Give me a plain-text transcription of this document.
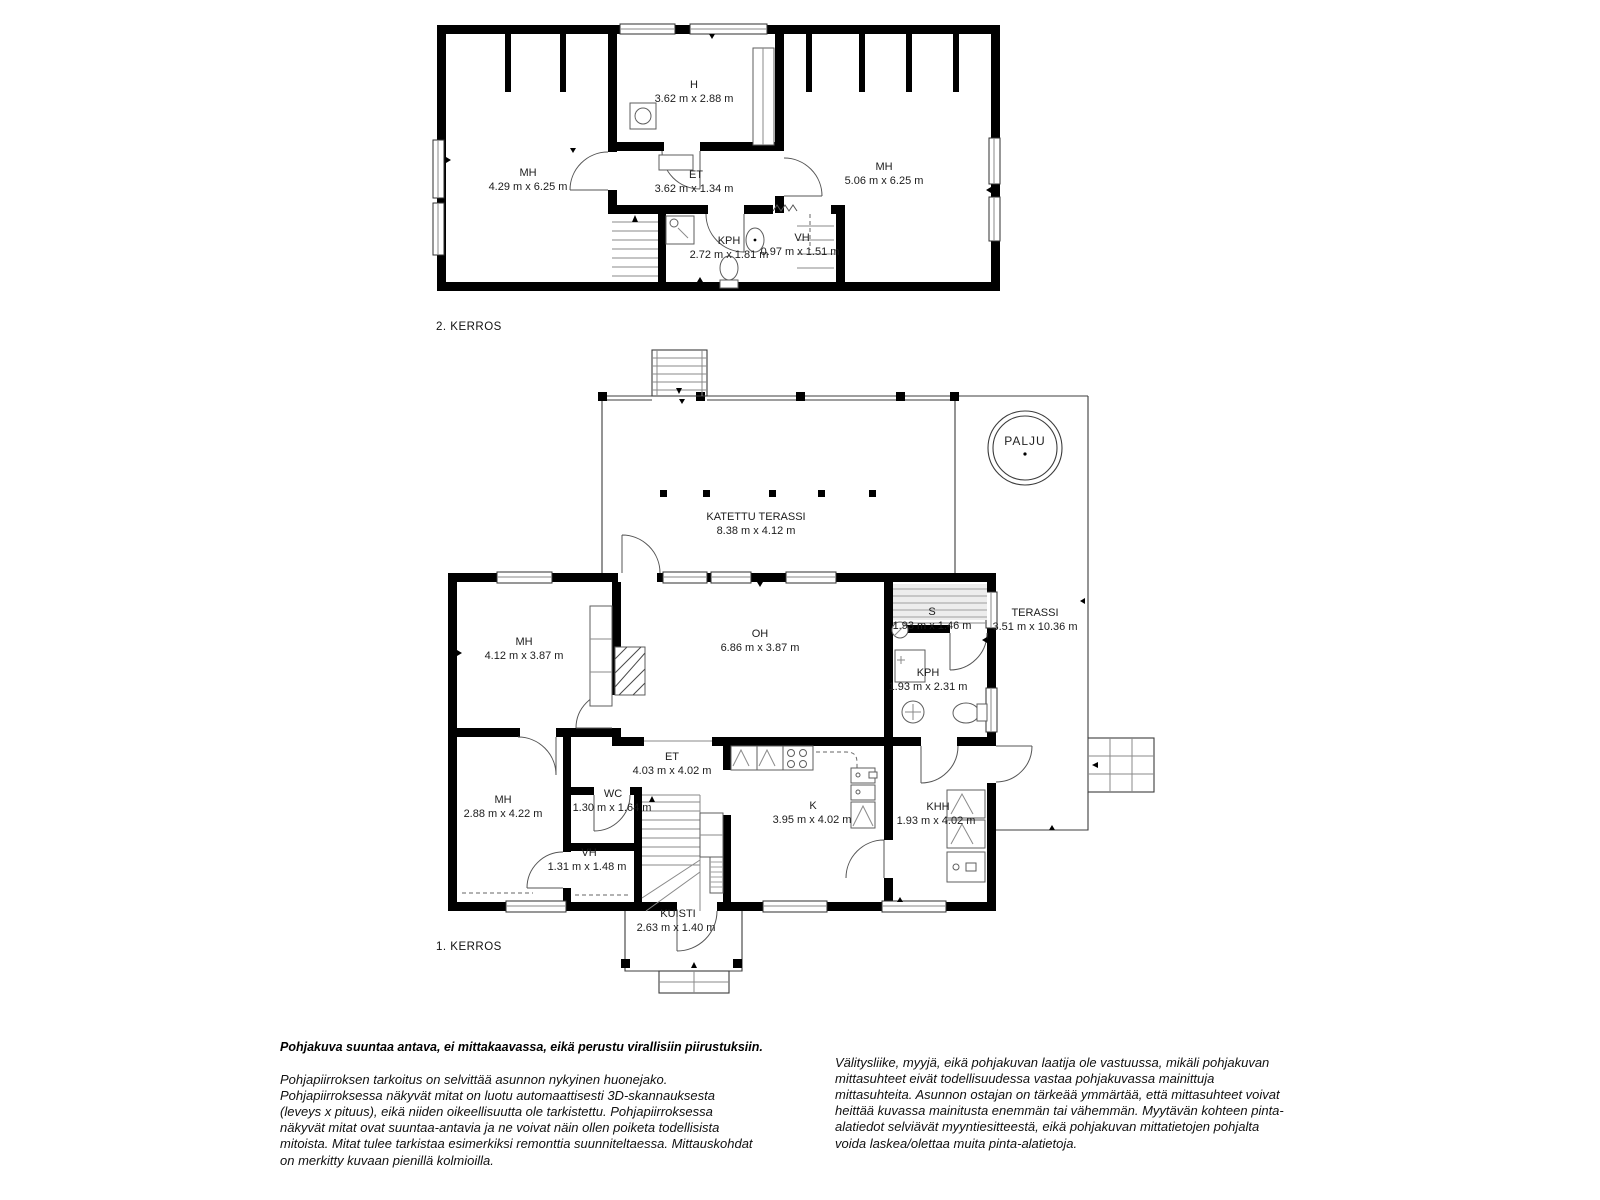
MH
4.29 m x 6.25 m
H
3.62 m x 2.88 m
ET
3.62 m x 1.34 m
MH
5.06 m x 6.25 m
KPH
2.72 m x 1.81 m
VH
0.97 m x 1.51 m
2. KERROS
PALJU
KATETTU TERASSI
8.38 m x 4.12 m
TERASSI
3.51 m x 10.36 m
MH
4.12 m x 3.87 m
OH
6.86 m x 3.87 m
S
1.93 m x 1.46 m
KPH
1.93 m x 2.31 m
ET
4.03 m x 4.02 m
WC
1.30 m x 1.64 m
MH
2.88 m x 4.22 m
K
3.95 m x 4.02 m
KHH
1.93 m x 4.02 m
VH
1.31 m x 1.48 m
KUISTI
2.63 m x 1.40 m
1. KERROS
Pohjakuva suuntaa antava, ei mittakaavassa, eikä perustu virallisiin piirustuksiin.
Pohjapiirroksen tarkoitus on selvittää asunnon nykyinen huonejako. Pohjapiirroksessa näkyvät mitat on luotu automaattisesti 3D-skannauksesta (leveys x pituus), eikä niiden oikeellisuutta ole tarkistettu. Pohjapiirroksessa näkyvät mitat ovat suuntaa-antavia ja ne voivat näin ollen poiketa todellisista mitoista. Mitat tulee tarkistaa esimerkiksi remonttia suunniteltaessa. Mittauskohdat on merkitty kuvaan pienillä kolmioilla.
Välitysliike, myyjä, eikä pohjakuvan laatija ole vastuussa, mikäli pohjakuvan mittasuhteet eivät todellisuudessa vastaa pohjakuvassa mainittuja mittasuhteita. Asunnon ostajan on tärkeää ymmärtää, että mittasuhteet voivat heittää kuvassa mainitusta enemmän tai vähemmän. Myytävän kohteen pinta-alatiedot selviävät myyntiesitteestä, eikä pohjakuvan mittatietojen pohjalta voida laskea/olettaa muita pinta-alatietoja.
